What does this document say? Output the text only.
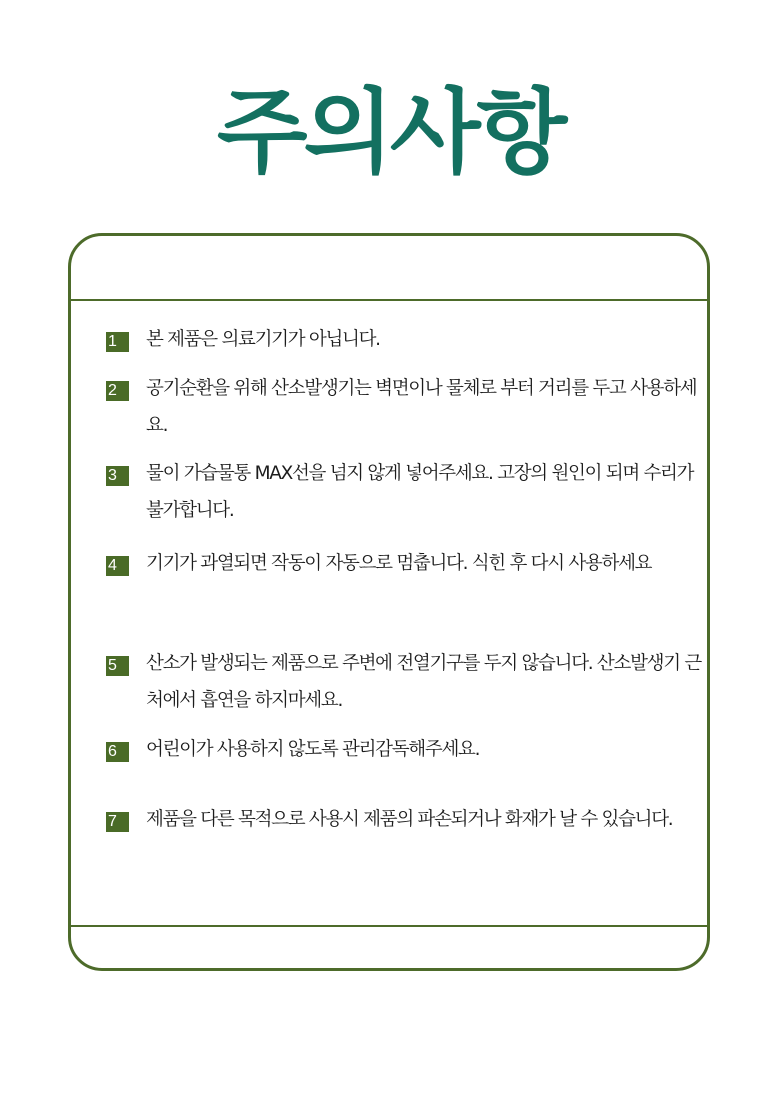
주의사항
1	본 제품은 의료기기가 아닙니다.
2	공기순환을 위해 산소발생기는 벽면이나 물체로 부터 거리를 두고 사용하세요.
3	물이 가습물통 MAX선을 넘지 않게 넣어주세요. 고장의 원인이 되며 수리가 불가합니다.
4	기기가 과열되면 작동이 자동으로 멈춥니다. 식힌 후 다시 사용하세요
5	산소가 발생되는 제품으로 주변에 전열기구를 두지 않습니다. 산소발생기 근처에서 흡연을 하지마세요.
6	어린이가 사용하지 않도록 관리감독해주세요.
7	제품을 다른 목적으로 사용시 제품의 파손되거나 화재가 날 수 있습니다.
